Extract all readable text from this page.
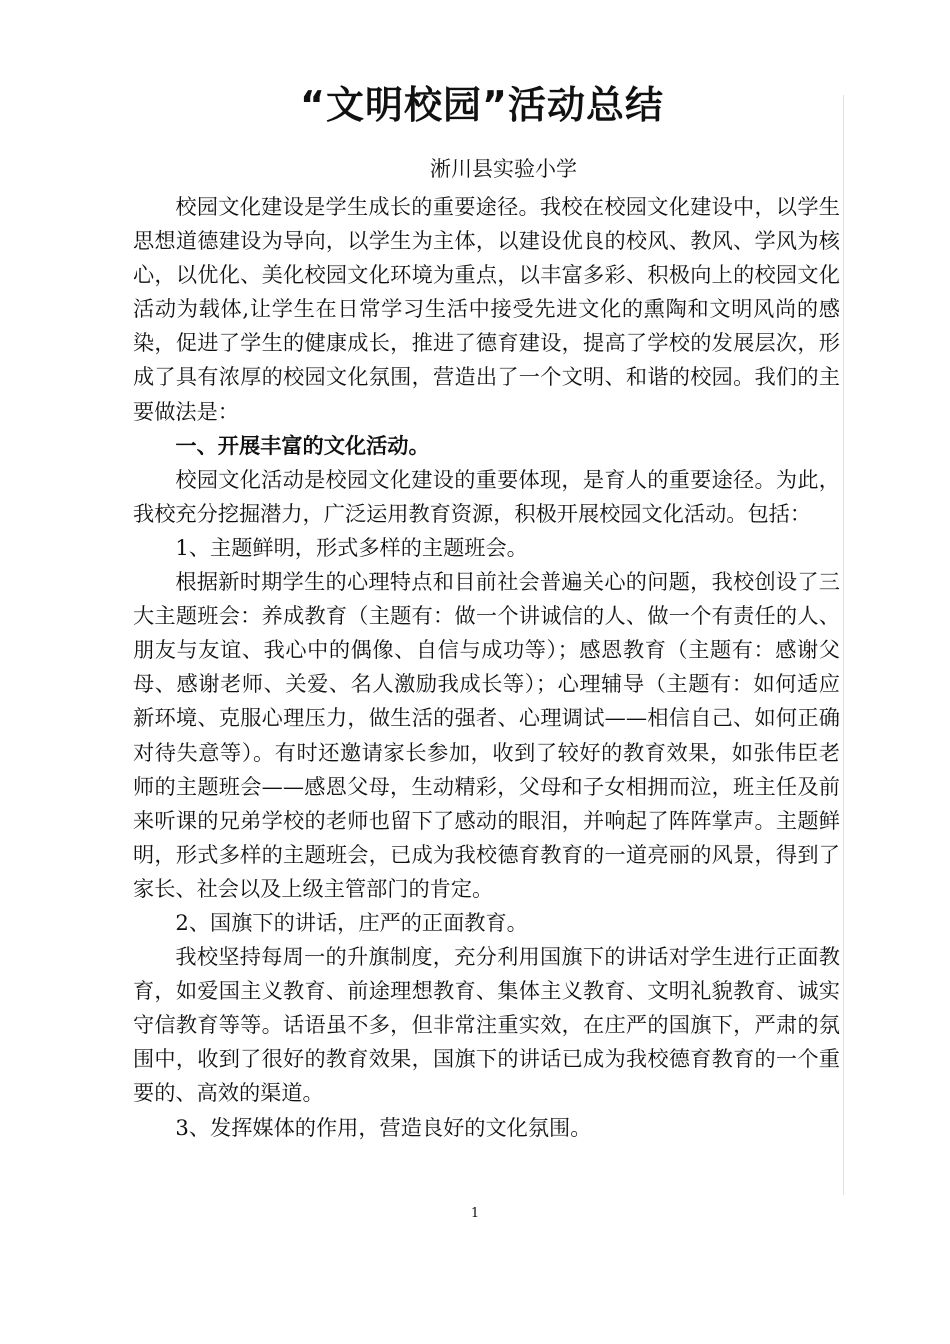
“文明校园”活动总结
淅川县实验小学

校园文化建设是学生成长的重要途径。我校在校园文化建设中，以学生思想道德建设为导向，以学生为主体，以建设优良的校风、教风、学风为核心，以优化、美化校园文化环境为重点，以丰富多彩、积极向上的校园文化活动为载体,让学生在日常学习生活中接受先进文化的熏陶和文明风尚的感染，促进了学生的健康成长，推进了德育建设，提高了学校的发展层次，形成了具有浓厚的校园文化氛围，营造出了一个文明、和谐的校园。我们的主要做法是：

一、开展丰富的文化活动。

校园文化活动是校园文化建设的重要体现，是育人的重要途径。为此，我校充分挖掘潜力，广泛运用教育资源，积极开展校园文化活动。包括：

1、主题鲜明，形式多样的主题班会。

根据新时期学生的心理特点和目前社会普遍关心的问题，我校创设了三大主题班会：养成教育（主题有：做一个讲诚信的人、做一个有责任的人、朋友与友谊、我心中的偶像、自信与成功等）；感恩教育（主题有：感谢父母、感谢老师、关爱、名人激励我成长等）；心理辅导（主题有：如何适应新环境、克服心理压力，做生活的强者、心理调试——相信自己、如何正确对待失意等）。有时还邀请家长参加，收到了较好的教育效果，如张伟臣老师的主题班会——感恩父母，生动精彩，父母和子女相拥而泣，班主任及前来听课的兄弟学校的老师也留下了感动的眼泪，并响起了阵阵掌声。主题鲜明，形式多样的主题班会，已成为我校德育教育的一道亮丽的风景，得到了家长、社会以及上级主管部门的肯定。

2、国旗下的讲话，庄严的正面教育。

我校坚持每周一的升旗制度，充分利用国旗下的讲话对学生进行正面教育，如爱国主义教育、前途理想教育、集体主义教育、文明礼貌教育、诚实守信教育等等。话语虽不多，但非常注重实效，在庄严的国旗下，严肃的氛围中，收到了很好的教育效果，国旗下的讲话已成为我校德育教育的一个重要的、高效的渠道。

3、发挥媒体的作用，营造良好的文化氛围。

1
